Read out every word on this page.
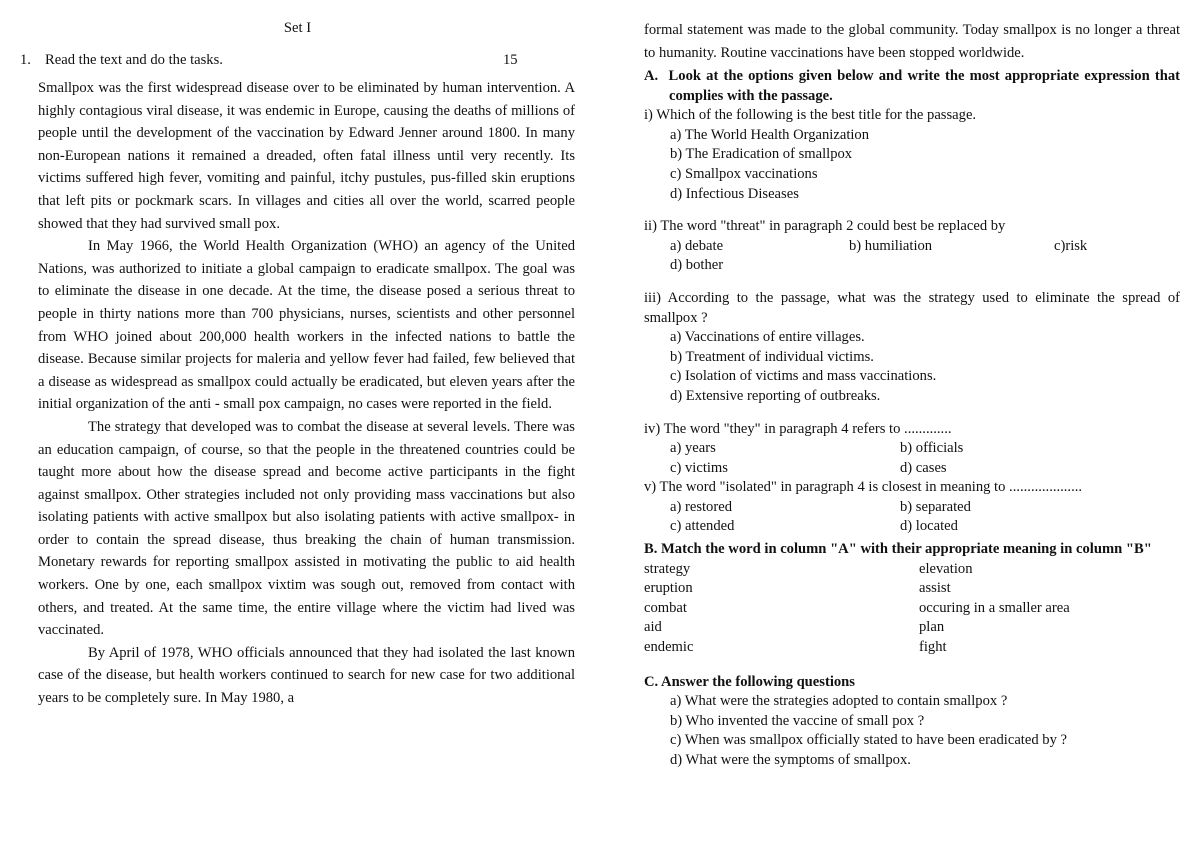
Set I
1. Read the text and do the tasks.	15

Smallpox was the first widespread disease over to be eliminated by human intervention. A highly contagious viral disease, it was endemic in Europe, causing the deaths of millions of people until the development of the vaccination by Edward Jenner around 1800. In many non-European nations it remained a dreaded, often fatal illness until very recently. Its victims suffered high fever, vomiting and painful, itchy pustules, pus-filled skin eruptions that left pits or pockmark scars. In villages and cities all over the world, scarred people showed that they had survived small pox.

In May 1966, the World Health Organization (WHO) an agency of the United Nations, was authorized to initiate a global campaign to eradicate smallpox. The goal was to eliminate the disease in one decade. At the time, the disease posed a serious threat to people in thirty nations more than 700 physicians, nurses, scientists and other personnel from WHO joined about 200,000 health workers in the infected nations to battle the disease. Because similar projects for maleria and yellow fever had failed, few believed that a disease as widespread as smallpox could actually be eradicated, but eleven years after the initial organization of the anti - small pox campaign, no cases were reported in the field.

The strategy that developed was to combat the disease at several levels. There was an education campaign, of course, so that the people in the threatened countries could be taught more about how the disease spread and become active participants in the fight against smallpox. Other strategies included not only providing mass vaccinations but also isolating patients with active smallpox but also isolating patients with active smallpox- in order to contain the spread disease, thus breaking the chain of human transmission. Monetary rewards for reporting smallpox assisted in motivating the public to aid health workers. One by one, each smallpox vixtim was sough out, removed from contact with others, and treated. At the same time, the entire village where the victim had lived was vaccinated.

By April of 1978, WHO officials announced that they had isolated the last known case of the disease, but health workers continued to search for new case for two additional years to be completely sure. In May 1980, a

formal statement was made to the global community. Today smallpox is no longer a threat to humanity. Routine vaccinations have been stopped worldwide.
A. Look at the options given below and write the most appropriate expression that complies with the passage.
i) Which of the following is the best title for the passage.
a) The World Health Organization
b) The Eradication of smallpox
c) Smallpox vaccinations
d) Infectious Diseases
ii) The word "threat" in paragraph 2 could best be replaced by
a) debate	b) humiliation	c)risk
d) bother
iii) According to the passage, what was the strategy used to eliminate the spread of smallpox ?
a) Vaccinations of entire villages.
b) Treatment of individual victims.
c) Isolation of victims and mass vaccinations.
d) Extensive reporting of outbreaks.
iv) The word "they" in paragraph 4 refers to .............
a) years	b) officials
c) victims	d) cases
v) The word "isolated" in paragraph 4 is closest in meaning to ....................
a) restored	b) separated
c) attended	d) located
B. Match the word in column "A" with their appropriate meaning in column "B"
strategy	elevation
eruption	assist
combat	occuring in a smaller area
aid	plan
endemic	fight
C. Answer the following questions
a) What were the strategies adopted to contain smallpox ?
b) Who invented the vaccine of small pox ?
c) When was smallpox officially stated to have been eradicated by ?
d) What were the symptoms of smallpox.
